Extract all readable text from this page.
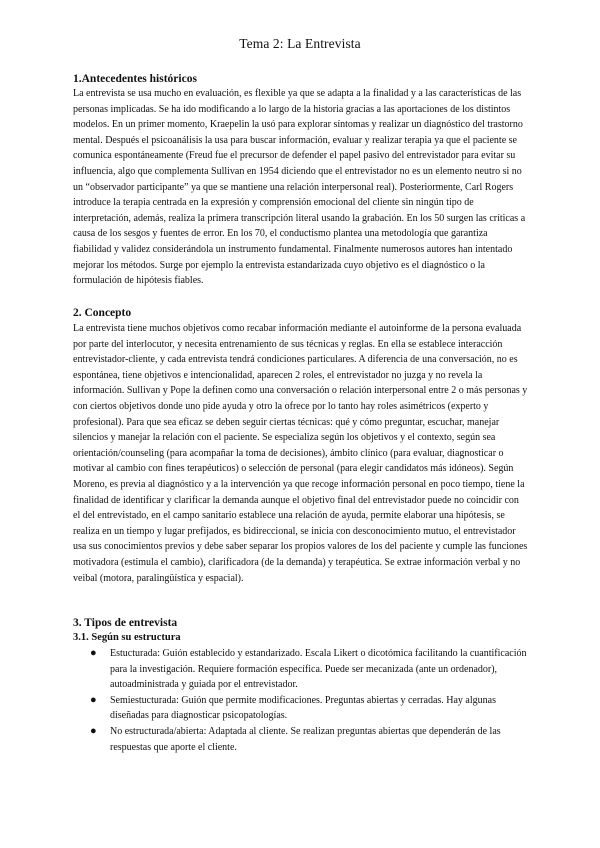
Tema 2: La Entrevista
1.Antecedentes históricos
La entrevista se usa mucho en evaluación, es flexible ya que se adapta a la finalidad y a las características de las personas implicadas. Se ha ido modificando a lo largo de la historia gracias a las aportaciones de los distintos modelos. En un primer momento, Kraepelin la usó para explorar síntomas y realizar un diagnóstico del trastorno mental. Después el psicoanálisis la usa para buscar información, evaluar y realizar terapia ya que el paciente se comunica espontáneamente (Freud fue el precursor de defender el papel pasivo del entrevistador para evitar su influencia, algo que complementa Sullivan en 1954 diciendo que el entrevistador no es un elemento neutro si no un “observador participante” ya que se mantiene una relación interpersonal real). Posteriormente, Carl Rogers introduce la terapia centrada en la expresión y comprensión emocional del cliente sin ningún tipo de interpretación, además, realiza la primera transcripción literal usando la grabación. En los 50 surgen las críticas a causa de los sesgos y fuentes de error. En los 70, el conductismo plantea una metodología que garantiza fiabilidad y validez considerándola un instrumento fundamental. Finalmente numerosos autores han intentado mejorar los métodos. Surge por ejemplo la entrevista estandarizada cuyo objetivo es el diagnóstico o la formulación de hipótesis fiables.
2. Concepto
La entrevista tiene muchos objetivos como recabar información mediante el autoinforme de la persona evaluada por parte del interlocutor, y necesita entrenamiento de sus técnicas y reglas. En ella se establece interacción entrevistador-cliente, y cada entrevista tendrá condiciones particulares. A diferencia de una conversación, no es espontánea, tiene objetivos e intencionalidad, aparecen 2 roles, el entrevistador no juzga y no revela la información. Sullivan y Pope la definen como una conversación o relación interpersonal entre 2 o más personas y con ciertos objetivos donde uno pide ayuda y otro la ofrece por lo tanto hay roles asimétricos (experto y profesional). Para que sea eficaz se deben seguir ciertas técnicas: qué y cómo preguntar, escuchar, manejar silencios y manejar la relación con el paciente. Se especializa según los objetivos y el contexto, según sea orientación/counseling (para acompañar la toma de decisiones), ámbito clínico (para evaluar, diagnosticar o motivar al cambio con fines terapéuticos) o selección de personal (para elegir candidatos más idóneos). Según Moreno, es previa al diagnóstico y a la intervención ya que recoge información personal en poco tiempo, tiene la finalidad de identificar y clarificar la demanda aunque el objetivo final del entrevistador puede no coincidir con el del entrevistado, en el campo sanitario establece una relación de ayuda, permite elaborar una hipótesis, se realiza en un tiempo y lugar prefijados, es bidireccional, se inicia con desconocimiento mutuo, el entrevistador usa sus conocimientos previos y debe saber separar los propios valores de los del paciente y cumple las funciones motivadora (estimula el cambio), clarificadora (de la demanda) y terapéutica. Se extrae información verbal y no veibal (motora, paralingüística y espacial).
3. Tipos de entrevista
3.1. Según su estructura
● Estucturada: Guión establecido y estandarizado. Escala Likert o dicotómica facilitando la cuantificación para la investigación. Requiere formación específica. Puede ser mecanizada (ante un ordenador), autoadministrada y guiada por el entrevistador.
● Semiestucturada: Guión que permite modificaciones. Preguntas abiertas y cerradas. Hay algunas diseñadas para diagnosticar psicopatologías.
● No estructurada/abierta: Adaptada al cliente. Se realizan preguntas abiertas que dependerán de las respuestas que aporte el cliente.
